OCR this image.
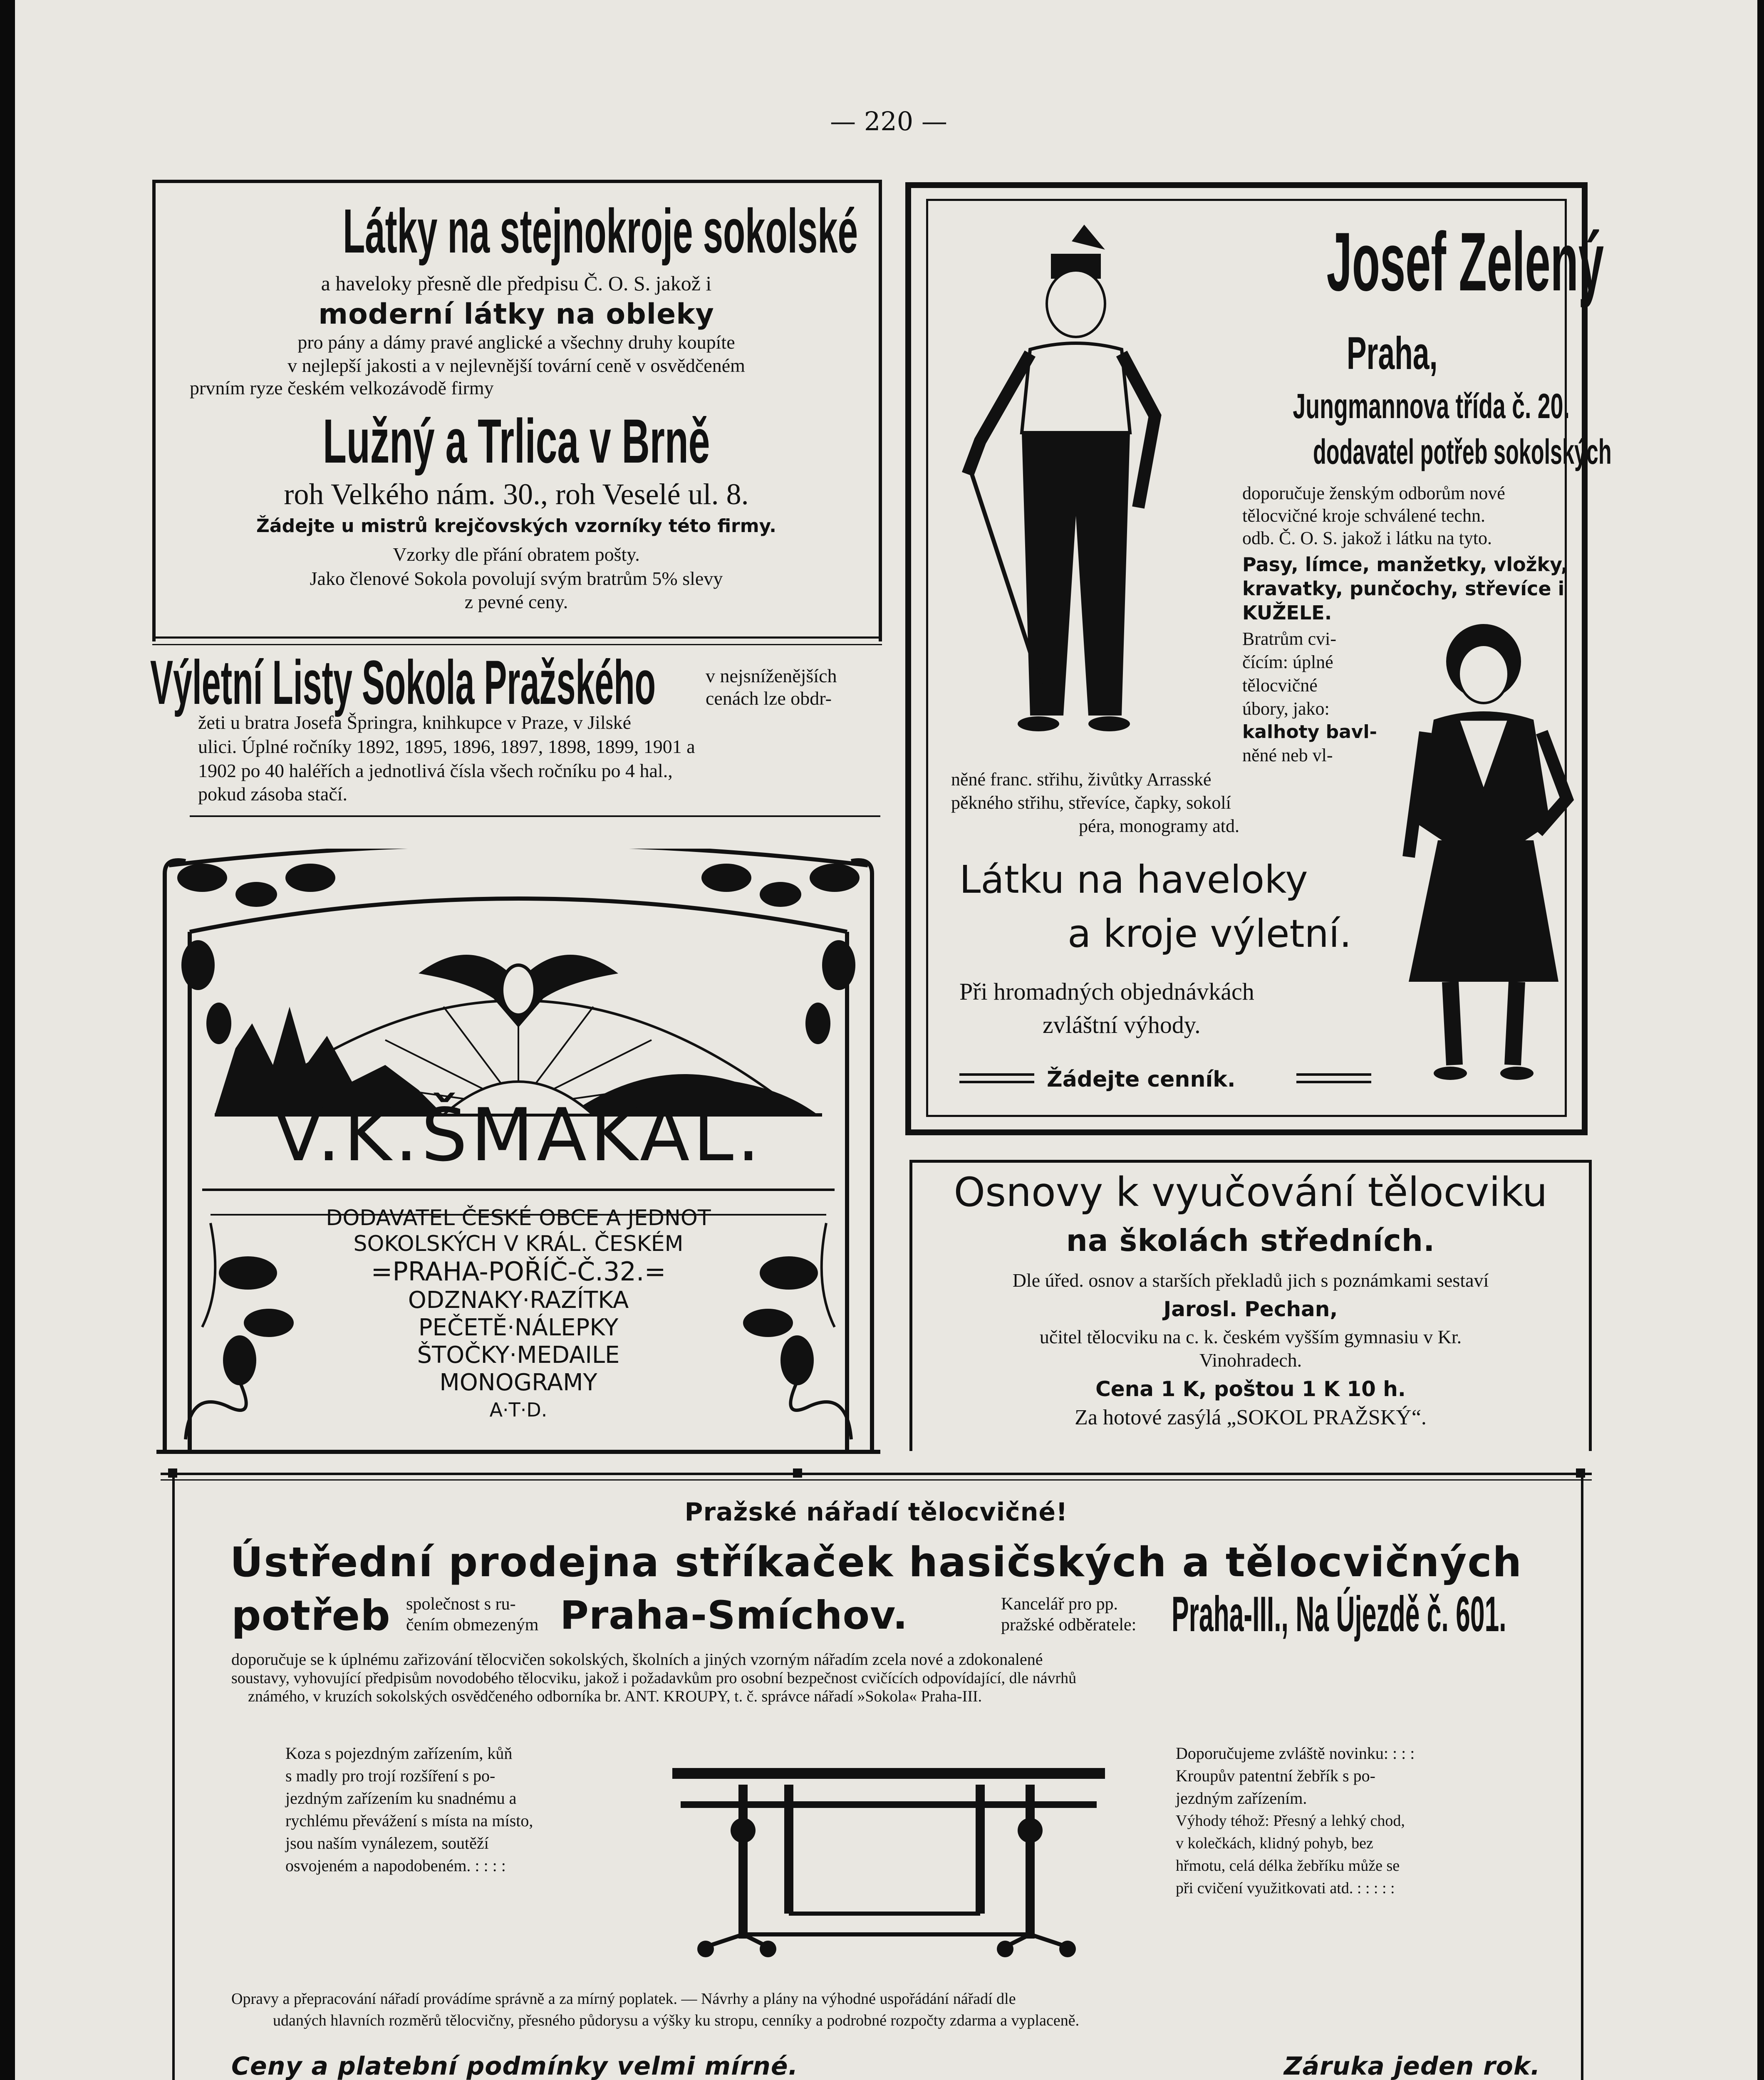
— 220 —
Látky na stejnokroje sokolské
a haveloky přesně dle předpisu Č. O. S. jakož i
moderní látky na obleky
pro pány a dámy pravé anglické a všechny druhy koupíte
v nejlepší jakosti a v nejlevnější tovární ceně v osvědčeném
prvním ryze českém velkozávodě firmy
Lužný a Trlica v Brně
roh Velkého nám. 30., roh Veselé ul. 8.
Žádejte u mistrů krejčovských vzorníky této firmy.
Vzorky dle přání obratem pošty.
Jako členové Sokola povolují svým bratrům 5% slevy
z pevné ceny.
Výletní Listy Sokola Pražského	v nejsníženějších
cenách lze obdr-
žeti u bratra Josefa Špringra, knihkupce v Praze, v Jilské
ulici. Úplné ročníky 1892, 1895, 1896, 1897, 1898, 1899, 1901 a
1902 po 40 haléřích a jednotlivá čísla všech ročníku po 4 hal.,
pokud zásoba stačí.
V.K.ŠMAKAL.
DODAVATEL ČESKÉ OBCE A JEDNOT
SOKOLSKÝCH V KRÁL. ČESKÉM
=PRAHA-POŘÍČ-Č.32.=
ODZNAKY·RAZÍTKA
PEČETĚ·NÁLEPKY
ŠTOČKY·MEDAILE
MONOGRAMY
A·T·D.
Josef Zelený
Praha,
Jungmannova třída č. 20.
dodavatel potřeb sokolských
doporučuje ženským odborům nové
tělocvičné kroje schválené techn.
odb. Č. O. S. jakož i látku na tyto.
Pasy, límce, manžetky, vložky,
kravatky, punčochy, střevíce i
KUŽELE.
Bratrům cvi-
čícím: úplné
tělocvičné
úbory, jako:
kalhoty bavl-
něné neb vl-
něné franc. střihu, živůtky Arrasské
pěkného střihu, střevíce, čapky, sokolí
péra, monogramy atd.
Látku na haveloky
a kroje výletní.
Při hromadných objednávkách
zvláštní výhody.
Žádejte cenník.
Osnovy k vyučování tělocviku
na školách středních.
Dle úřed. osnov a starších překladů jich s poznámkami sestaví
Jarosl. Pechan,
učitel tělocviku na c. k. českém vyšším gymnasiu v Kr.
Vinohradech.
Cena 1 K, poštou 1 K 10 h.
Za hotové zasýlá „SOKOL PRAŽSKÝ“.
Pražské nářadí tělocvičné!
Ústřední prodejna stříkaček hasičských a tělocvičných
potřeb společnost s ru-
čením obmezeným Praha-Smíchov.	Kancelář pro pp.
pražské odběratele: Praha-III., Na Újezdě č. 601.
doporučuje se k úplnému zařizování tělocvičen sokolských, školních a jiných vzorným nářadím zcela nové a zdokonalené
soustavy, vyhovující předpisům novodobého tělocviku, jakož i požadavkům pro osobní bezpečnost cvičících odpovídající, dle návrhů
známého, v kruzích sokolských osvědčeného odborníka br. ANT. KROUPY, t. č. správce nářadí »Sokola« Praha-III.
Koza s pojezdným zařízením, kůň
s madly pro trojí rozšíření s po-
jezdným zařízením ku snadnému a
rychlému převážení s místa na místo,
jsou naším vynálezem, soutěží
osvojeném a napodobeném. : : : :
Doporučujeme zvláště novinku: : : :
Kroupův patentní žebřík s po-
jezdným zařízením.
Výhody téhož: Přesný a lehký chod,
v kolečkách, klidný pohyb, bez
hřmotu, celá délka žebříku může se
při cvičení využitkovati atd. : : : : :
Opravy a přepracování nářadí provádíme správně a za mírný poplatek. — Návrhy a plány na výhodné uspořádání nářadí dle
udaných hlavních rozměrů tělocvičny, přesného půdorysu a výšky ku stropu, cenníky a podrobné rozpočty zdarma a vyplaceně.
Ceny a platební podmínky velmi mírné.	Záruka jeden rok.
